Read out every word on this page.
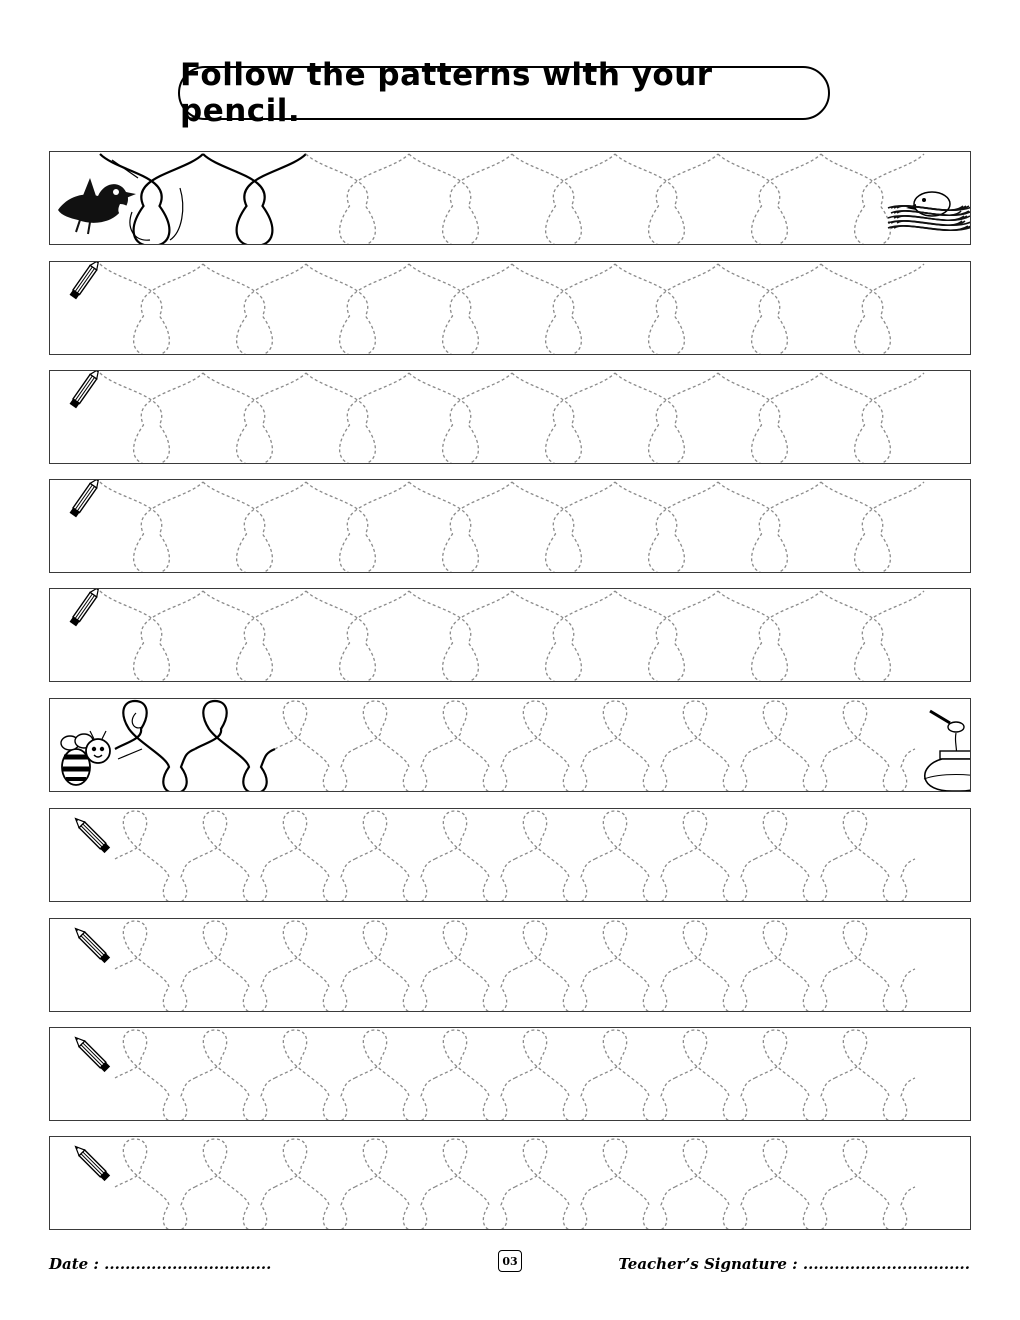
Follow the patterns with your pencil.
Date : ................................	03	Teacher’s Signature : ................................
